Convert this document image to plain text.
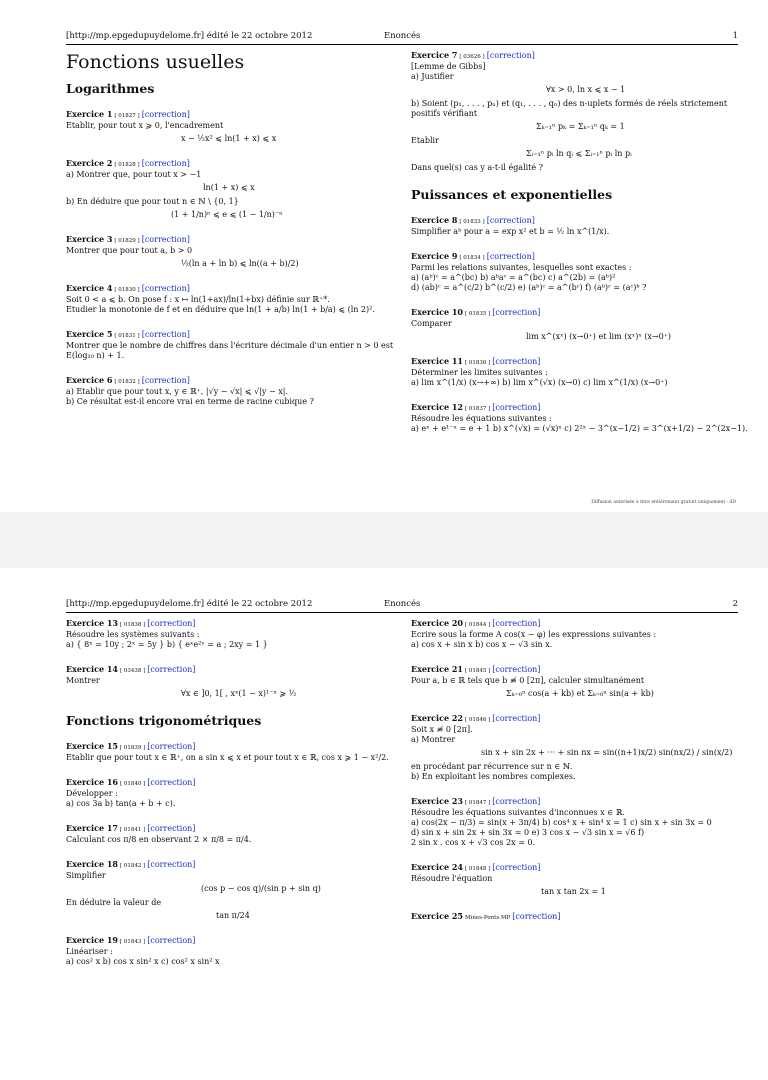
[http://mp.epgedupuydelome.fr] édité le 22 octobre 2012	Enoncés	1
Fonctions usuelles
Logarithmes

Exercice 1 [ 01827 ] [correction]

Etablir, pour tout x ⩾ 0, l'encadrement

x − ½x² ⩽ ln(1 + x) ⩽ x

Exercice 2 [ 01828 ] [correction]

a) Montrer que, pour tout x > −1

ln(1 + x) ⩽ x

b) En déduire que pour tout n ∈ ℕ \ {0, 1}

(1 + 1/n)ⁿ ⩽ e ⩽ (1 − 1/n)⁻ⁿ

Exercice 3 [ 01829 ] [correction]

Montrer que pour tout a, b > 0

½(ln a + ln b) ⩽ ln((a + b)/2)

Exercice 4 [ 01830 ] [correction]

Soit 0 < a ⩽ b. On pose f : x ↦ ln(1+ax)/ln(1+bx) définie sur ℝ⁺*.

Etudier la monotonie de f et en déduire que ln(1 + a/b) ln(1 + b/a) ⩽ (ln 2)².

Exercice 5 [ 01831 ] [correction]

Montrer que le nombre de chiffres dans l'écriture décimale d'un entier n > 0 est

E(log₁₀ n) + 1.

Exercice 6 [ 01832 ] [correction]

a) Etablir que pour tout x, y ∈ ℝ⁺, |√y − √x| ⩽ √|y − x|.

b) Ce résultat est-il encore vrai en terme de racine cubique ?

Exercice 7 [ 03626 ] [correction]

[Lemme de Gibbs]

a) Justifier

∀x > 0, ln x ⩽ x − 1

b) Soient (p₁, . . . , pₙ) et (q₁, . . . , qₙ) des n-uplets formés de réels strictement

positifs vérifiant

Σₖ₌₁ⁿ pₖ = Σₖ₌₁ⁿ qₖ = 1

Etablir

Σᵢ₌₁ⁿ pᵢ ln qᵢ ⩽ Σᵢ₌₁ⁿ pᵢ ln pᵢ

Dans quel(s) cas y a-t-il égalité ?

Puissances et exponentielles

Exercice 8 [ 01833 ] [correction]

Simplifier aᵇ pour a = exp x² et b = ½ ln x^(1/x).

Exercice 9 [ 01834 ] [correction]

Parmi les relations suivantes, lesquelles sont exactes :

a) (aᵇ)ᶜ = a^(bc) b) aᵇaᶜ = a^(bc) c) a^(2b) = (aᵇ)²

d) (ab)ᶜ = a^(c/2) b^(c/2) e) (aᵇ)ᶜ = a^(bᶜ) f) (aᵇ)ᶜ = (aᶜ)ᵇ ?

Exercice 10 [ 01835 ] [correction]

Comparer

lim x^(xˣ) (x→0⁺) et lim (xˣ)ˣ (x→0⁺)

Exercice 11 [ 01836 ] [correction]

Déterminer les limites suivantes :

a) lim x^(1/x) (x→+∞) b) lim x^(√x) (x→0) c) lim x^(1/x) (x→0⁺)

Exercice 12 [ 01837 ] [correction]

Résoudre les équations suivantes :

a) eˣ + e¹⁻ˣ = e + 1 b) x^(√x) = (√x)ˣ c) 2²ˣ − 3^(x−1/2) = 3^(x+1/2) − 2^(2x−1).

Diffusion autorisée à titre entièrement gratuit uniquement - dD
[http://mp.epgedupuydelome.fr] édité le 22 octobre 2012	Enoncés	2

Exercice 13 [ 01838 ] [correction]

Résoudre les systèmes suivants :

a) { 8ˣ = 10y ; 2ˣ = 5y } b) { eˣe²ʸ = a ; 2xy = 1 }

Exercice 14 [ 03438 ] [correction]

Montrer

∀x ∈ ]0, 1[ , xˣ(1 − x)¹⁻ˣ ⩾ ½

Fonctions trigonométriques

Exercice 15 [ 01839 ] [correction]

Etablir que pour tout x ∈ ℝ⁺, on a sin x ⩽ x et pour tout x ∈ ℝ, cos x ⩾ 1 − x²/2.

Exercice 16 [ 01840 ] [correction]

Développer :

a) cos 3a b) tan(a + b + c).

Exercice 17 [ 01841 ] [correction]

Calculant cos π/8 en observant 2 × π/8 = π/4.

Exercice 18 [ 01842 ] [correction]

Simplifier

(cos p − cos q)/(sin p + sin q)

En déduire la valeur de

tan π/24

Exercice 19 [ 01843 ] [correction]

Linéariser :

a) cos² x b) cos x sin² x c) cos² x sin² x

Exercice 20 [ 01844 ] [correction]

Ecrire sous la forme A cos(x − φ) les expressions suivantes :

a) cos x + sin x b) cos x − √3 sin x.

Exercice 21 [ 01845 ] [correction]

Pour a, b ∈ ℝ tels que b ≢ 0 [2π], calculer simultanément

Σₖ₌₀ⁿ cos(a + kb) et Σₖ₌₀ⁿ sin(a + kb)

Exercice 22 [ 01846 ] [correction]

Soit x ≢ 0 [2π].

a) Montrer

sin x + sin 2x + ··· + sin nx = sin((n+1)x/2) sin(nx/2) / sin(x/2)

en procédant par récurrence sur n ∈ ℕ.

b) En exploitant les nombres complexes.

Exercice 23 [ 01847 ] [correction]

Résoudre les équations suivantes d'inconnues x ∈ ℝ.

a) cos(2x − π/3) = sin(x + 3π/4) b) cos⁴ x + sin⁴ x = 1 c) sin x + sin 3x = 0

d) sin x + sin 2x + sin 3x = 0 e) 3 cos x − √3 sin x = √6 f)

2 sin x . cos x + √3 cos 2x = 0.

Exercice 24 [ 01848 ] [correction]

Résoudre l'équation

tan x tan 2x = 1

Exercice 25 Mines-Ponts MP [correction]
